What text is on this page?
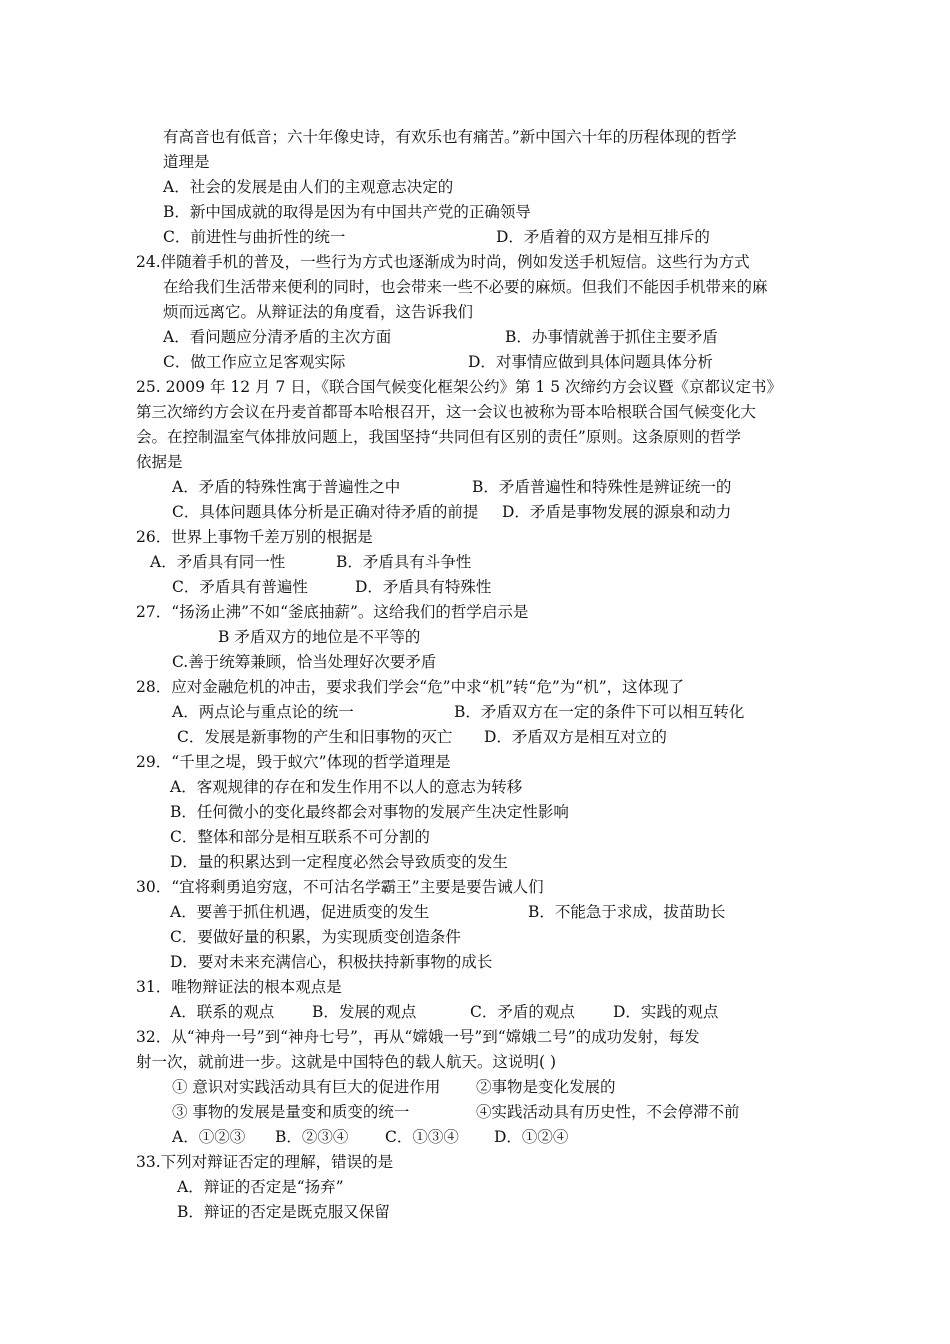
有高音也有低音；六十年像史诗，有欢乐也有痛苦。”新中国六十年的历程体现的哲学
道理是
A．社会的发展是由人们的主观意志决定的
B．新中国成就的取得是因为有中国共产党的正确领导
C．前进性与曲折性的统一	D．矛盾着的双方是相互排斥的
24.伴随着手机的普及，一些行为方式也逐渐成为时尚，例如发送手机短信。这些行为方式
在给我们生活带来便利的同时，也会带来一些不必要的麻烦。但我们不能因手机带来的麻
烦而远离它。从辩证法的角度看，这告诉我们
A．看问题应分清矛盾的主次方面	B．办事情就善于抓住主要矛盾
C．做工作应立足客观实际	D．对事情应做到具体问题具体分析
25. 2009 年 12 月 7 日，《联合国气候变化框架公约》第 1 5 次缔约方会议暨《京都议定书》
第三次缔约方会议在丹麦首都哥本哈根召开，这一会议也被称为哥本哈根联合国气候变化大
会。在控制温室气体排放问题上，我国坚持“共同但有区别的责任”原则。这条原则的哲学
依据是
A．矛盾的特殊性寓于普遍性之中	B．矛盾普遍性和特殊性是辨证统一的
C．具体问题具体分析是正确对待矛盾的前提 D．矛盾是事物发展的源泉和动力
26．世界上事物千差万别的根据是
A．矛盾具有同一性	B．矛盾具有斗争性
C．矛盾具有普遍性	D．矛盾具有特殊性
27．“扬汤止沸”不如“釜底抽薪”。这给我们的哲学启示是
B 矛盾双方的地位是不平等的
C.善于统筹兼顾，恰当处理好次要矛盾
28．应对金融危机的冲击，要求我们学会“危”中求“机”转“危”为“机”，这体现了
A．两点论与重点论的统一	B．矛盾双方在一定的条件下可以相互转化
C．发展是新事物的产生和旧事物的灭亡 D．矛盾双方是相互对立的
29．“千里之堤，毁于蚁穴”体现的哲学道理是
A．客观规律的存在和发生作用不以人的意志为转移
B．任何微小的变化最终都会对事物的发展产生决定性影响
C．整体和部分是相互联系不可分割的
D．量的积累达到一定程度必然会导致质变的发生
30．“宜将剩勇追穷寇，不可沽名学霸王”主要是要告诫人们
A．要善于抓住机遇，促进质变的发生	B．不能急于求成，拔苗助长
C．要做好量的积累，为实现质变创造条件
D．要对未来充满信心，积极扶持新事物的成长
31．唯物辩证法的根本观点是
A．联系的观点 B．发展的观点	C．矛盾的观点 D．实践的观点
32．从“神舟一号”到“神舟七号”，再从“嫦娥一号”到“嫦娥二号”的成功发射，每发
射一次，就前进一步。这就是中国特色的载人航天。这说明( )
① 意识对实践活动具有巨大的促进作用 ②事物是变化发展的
③ 事物的发展是量变和质变的统一	④实践活动具有历史性，不会停滞不前
A．①②③ B．②③④ C．①③④ D．①②④
33.下列对辩证否定的理解，错误的是
A．辩证的否定是“扬弃”
B．辩证的否定是既克服又保留
